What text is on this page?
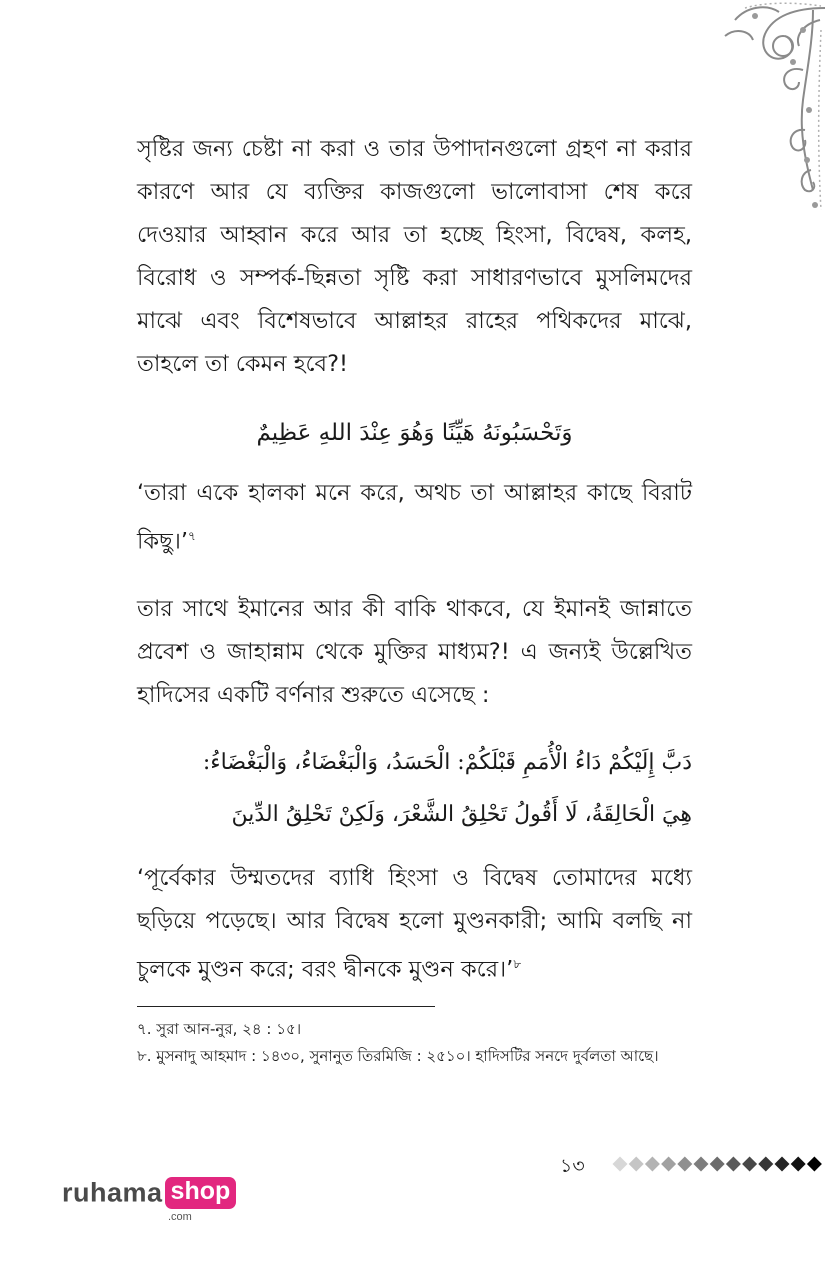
সৃষ্টির জন্য চেষ্টা না করা ও তার উপাদানগুলো গ্রহণ না করার কারণে আর যে ব্যক্তির কাজগুলো ভালোবাসা শেষ করে দেওয়ার আহ্বান করে আর তা হচ্ছে হিংসা, বিদ্বেষ, কলহ, বিরোধ ও সম্পর্ক-ছিন্নতা সৃষ্টি করা সাধারণভাবে মুসলিমদের মাঝে এবং বিশেষভাবে আল্লাহর রাহের পথিকদের মাঝে, তাহলে তা কেমন হবে?!

وَتَحْسَبُونَهُ هَيِّنًا وَهُوَ عِنْدَ اللهِ عَظِيمٌ

‘তারা একে হালকা মনে করে, অথচ তা আল্লাহর কাছে বিরাট কিছু।’$^৭$

তার সাথে ইমানের আর কী বাকি থাকবে, যে ইমানই জান্নাতে প্রবেশ ও জাহান্নাম থেকে মুক্তির মাধ্যম?! এ জন্যই উল্লেখিত হাদিসের একটি বর্ণনার শুরুতে এসেছে :

دَبَّ إِلَيْكُمْ دَاءُ الْأُمَمِ قَبْلَكُمْ: الْحَسَدُ، وَالْبَغْضَاءُ، وَالْبَغْضَاءُ:
هِيَ الْحَالِقَةُ، لَا أَقُولُ تَحْلِقُ الشَّعْرَ، وَلَكِنْ تَحْلِقُ الدِّينَ

‘পূর্বেকার উম্মতদের ব্যাধি হিংসা ও বিদ্বেষ তোমাদের মধ্যে ছড়িয়ে পড়েছে। আর বিদ্বেষ হলো মুণ্ডনকারী; আমি বলছি না চুলকে মুণ্ডন করে; বরং দ্বীনকে মুণ্ডন করে।’$^৮$

৭. সুরা আন-নুর, ২৪ : ১৫।

৮. মুসনাদু আহমাদ : ১৪৩০, সুনানুত তিরমিজি : ২৫১০। হাদিসটির সনদে দুর্বলতা আছে।

১৩
ruhama shop
.com
